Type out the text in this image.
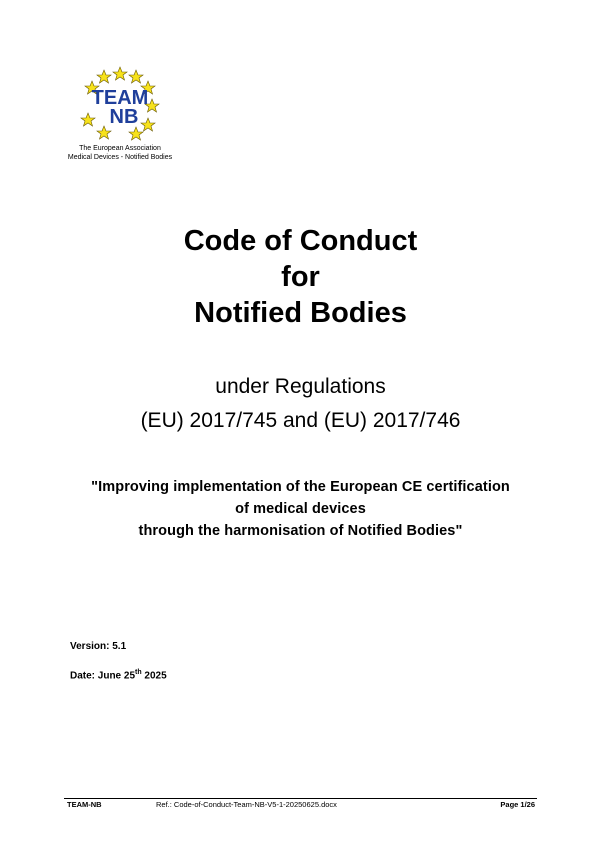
TEAM
NB
The European Association
Medical Devices - Notified Bodies
Code of Conduct
for
Notified Bodies
under Regulations
(EU) 2017/745 and (EU) 2017/746
"Improving implementation of the European CE certification
of medical devices
through the harmonisation of Notified Bodies"
Version: 5.1
Date: June 25th 2025
TEAM-NB	Ref.: Code-of-Conduct-Team-NB-V5-1-20250625.docx	Page 1/26
